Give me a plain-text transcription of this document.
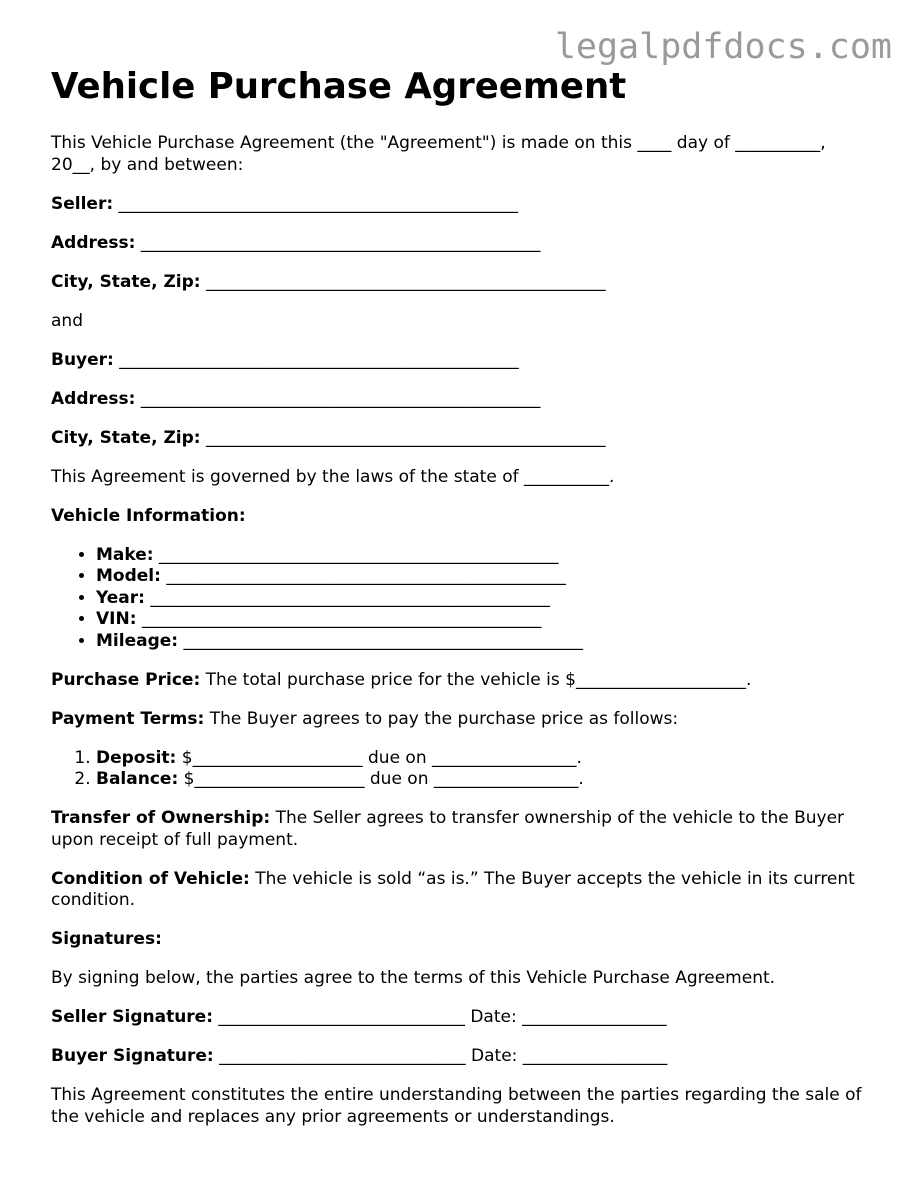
legalpdfdocs.com
Vehicle Purchase Agreement

This Vehicle Purchase Agreement (the "Agreement") is made on this ____ day of __________, 20__, by and between:

Seller: _______________________________________________

Address: _______________________________________________

City, State, Zip: _______________________________________________

and

Buyer: _______________________________________________

Address: _______________________________________________

City, State, Zip: _______________________________________________

This Agreement is governed by the laws of the state of __________.

Vehicle Information:

• Make: _______________________________________________
• Model: _______________________________________________
• Year: _______________________________________________
• VIN: _______________________________________________
• Mileage: _______________________________________________

Purchase Price: The total purchase price for the vehicle is $____________________.

Payment Terms: The Buyer agrees to pay the purchase price as follows:

1. Deposit: $____________________ due on _________________.
2. Balance: $____________________ due on _________________.

Transfer of Ownership: The Seller agrees to transfer ownership of the vehicle to the Buyer upon receipt of full payment.

Condition of Vehicle: The vehicle is sold “as is.” The Buyer accepts the vehicle in its current condition.

Signatures:

By signing below, the parties agree to the terms of this Vehicle Purchase Agreement.

Seller Signature: _____________________________ Date: _________________

Buyer Signature: _____________________________ Date: _________________

This Agreement constitutes the entire understanding between the parties regarding the sale of the vehicle and replaces any prior agreements or understandings.
